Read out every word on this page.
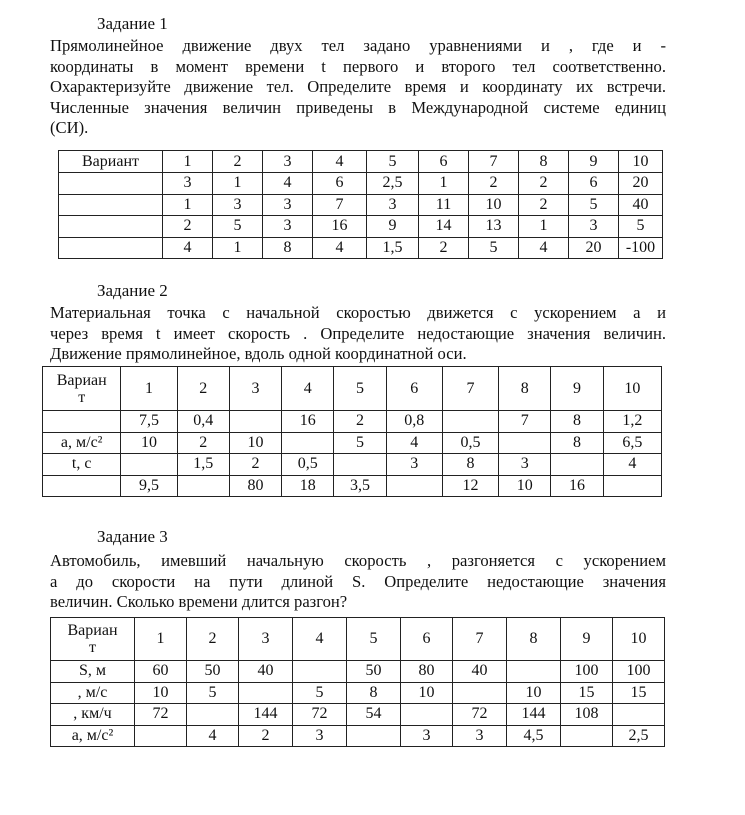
Задание 1
Прямолинейное движение двух тел задано уравнениями и , где и -
координаты в момент времени t первого и второго тел соответственно.
Охарактеризуйте движение тел. Определите время и координату их встречи.
Численные значения величин приведены в Международной системе единиц
(СИ).
Вариант	1	2	3	4	5	6	7	8	9	10
	3	1	4	6	2,5	1	2	2	6	20
	1	3	3	7	3	11	10	2	5	40
	2	5	3	16	9	14	13	1	3	5
	4	1	8	4	1,5	2	5	4	20	-100
Задание 2
Материальная точка с начальной скоростью движется с ускорением a и
через время t имеет скорость . Определите недостающие значения величин.
Движение прямолинейное, вдоль одной координатной оси.
Вариан
т	1	2	3	4	5	6	7	8	9	10
	7,5	0,4		16	2	0,8		7	8	1,2
a, м/с²	10	2	10		5	4	0,5		8	6,5
t, с		1,5	2	0,5		3	8	3		4
	9,5		80	18	3,5		12	10	16	
Задание 3
Автомобиль, имевший начальную скорость , разгоняется с ускорением
a до скорости на пути длиной S. Определите недостающие значения
величин. Сколько времени длится разгон?
Вариан
т	1	2	3	4	5	6	7	8	9	10
S, м	60	50	40		50	80	40		100	100
, м/с	10	5		5	8	10		10	15	15
, км/ч	72		144	72	54		72	144	108	
a, м/с²		4	2	3		3	3	4,5		2,5
